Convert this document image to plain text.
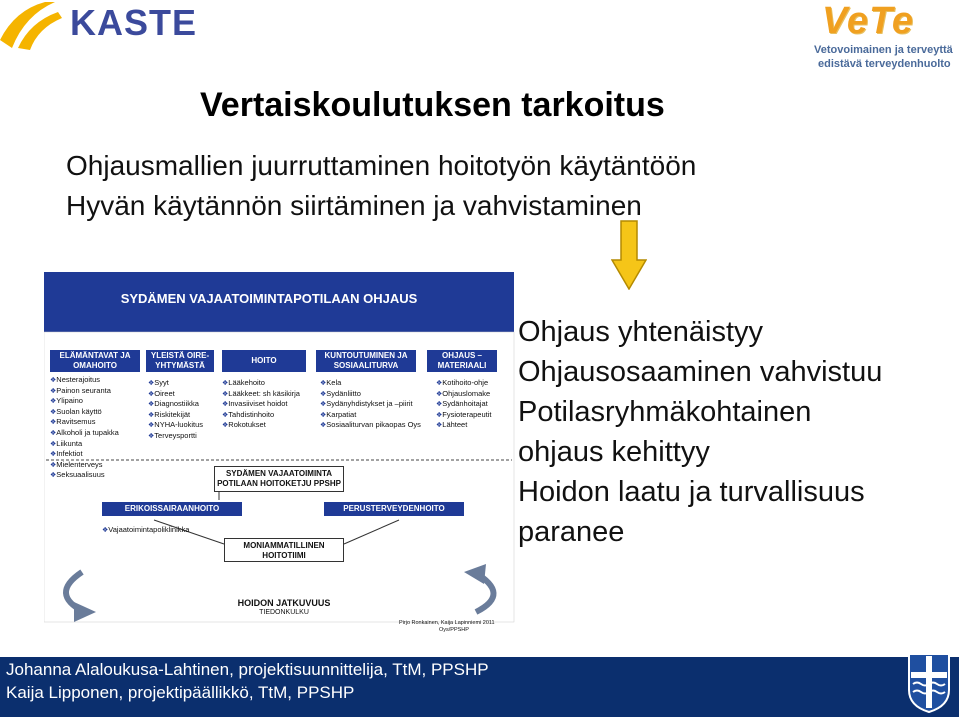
KASTE	VeTe
Vetovoimainen ja terveyttä
edistävä terveydenhuolto
Vertaiskoulutuksen tarkoitus
Ohjausmallien juurruttaminen hoitotyön käytäntöön
Hyvän käytännön siirtäminen ja vahvistaminen
SYDÄMEN VAJAATOIMINTAPOTILAAN OHJAUS
ELÄMÄNTAVAT JA OMAHOITO
YLEISTÄ OIRE-YHTYMÄSTÄ
HOITO
KUNTOUTUMINEN JA SOSIAALITURVA
OHJAUS – MATERIAALI
❖ Nesterajoitus
❖ Painon seuranta
❖ Ylipaino
❖ Suolan käyttö
❖ Ravitsemus
❖ Alkoholi ja tupakka
❖ Liikunta
❖ Infektiot
❖ Mielenterveys
❖ Seksuaalisuus
❖ Syyt
❖ Oireet
❖ Diagnostiikka
❖ Riskitekijät
❖ NYHA-luokitus
❖ Terveysportti
❖ Lääkehoito
❖ Lääkkeet: sh käsikirja
❖ Invasiiviset hoidot
❖ Tahdistinhoito
❖ Rokotukset
❖ Kela
❖ Sydänliitto
❖ Sydänyhdistykset ja –piirit
❖ Karpatiat
❖ Sosiaaliturvan pikaopas Oys
❖ Kotihoito-ohje
❖ Ohjauslomake
❖ Sydänhoitajat
❖ Fysioterapeutit
❖ Lähteet
SYDÄMEN VAJAATOIMINTA POTILAAN HOITOKETJU PPSHP
ERIKOISSAIRAANHOITO	PERUSTERVEYDENHOITO
❖ Vajaatoimintapoliklinikka
MONIAMMATILLINEN HOITOTIIMI
HOIDON JATKUVUUS
TIEDONKULKU
Pirjo Ronkainen, Kaija Lapinniemi 2011
Oys/PPSHP
Ohjaus yhtenäistyy
Ohjausosaaminen vahvistuu
Potilasryhmäkohtainen
ohjaus kehittyy
Hoidon laatu ja turvallisuus
paranee
Johanna Alaloukusa-Lahtinen, projektisuunnittelija, TtM, PPSHP
Kaija Lipponen, projektipäällikkö, TtM, PPSHP
